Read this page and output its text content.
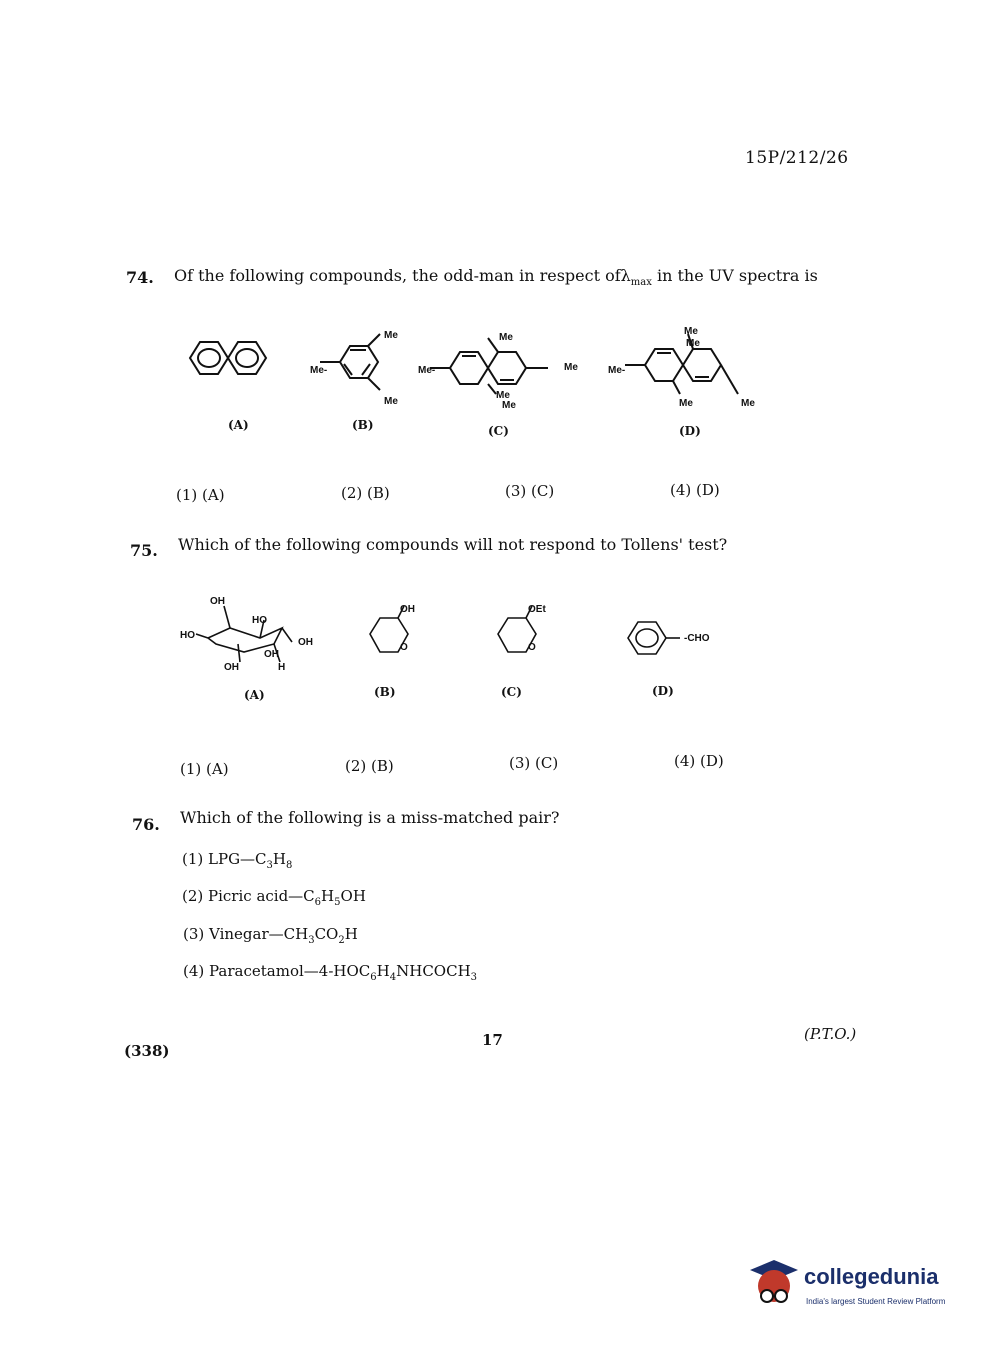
15P/212/26
74. Of the following compounds, the odd-man in respect ofλ$_{max}$ in the UV spectra is
Me
Me-
Me
Me
Me-	Me
Me
Me
Me
Me
Me-
Me	Me
(A)	(B)	(C)	(D)
(1) (A)	(2) (B)	(3) (C)	(4) (D)
75. Which of the following compounds will not respond to Tollens' test?
OH
HO
HO
OH
OH
OH	H
OH
O
OEt
O
-CHO
(A)	(B)	(C)	(D)
(1) (A)	(2) (B)	(3) (C)	(4) (D)
76. Which of the following is a miss-matched pair?
(1) $LPG—C_3H_8$
(2) Picric $acid—C_6H_5OH$
(3) $Vinegar—CH_3CO_2H$
(4) $Paracetamol—4-HOC_6H_4NHCOCH_3$
(338)
17	(P.T.O.)
collegedunia
India's largest Student Review Platform
